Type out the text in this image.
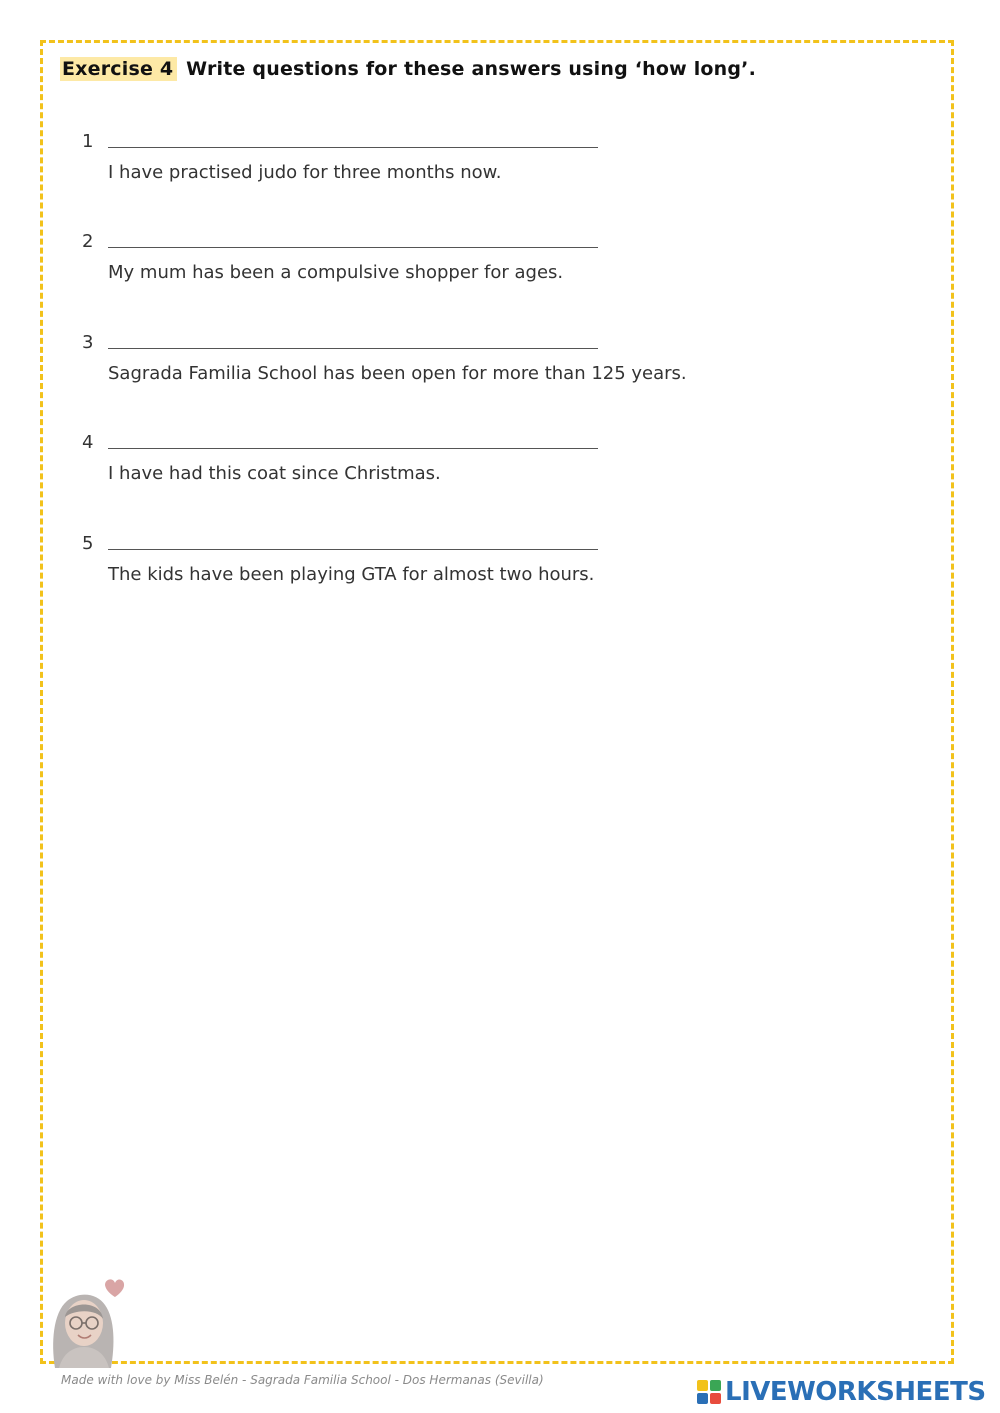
Exercise 4 Write questions for these answers using ‘how long’.
1
I have practised judo for three months now.
2
My mum has been a compulsive shopper for ages.
3
Sagrada Familia School has been open for more than 125 years.
4
I have had this coat since Christmas.
5
The kids have been playing GTA for almost two hours.

Made with love by Miss Belén - Sagrada Familia School - Dos Hermanas (Sevilla)	LIVEWORKSHEETS
